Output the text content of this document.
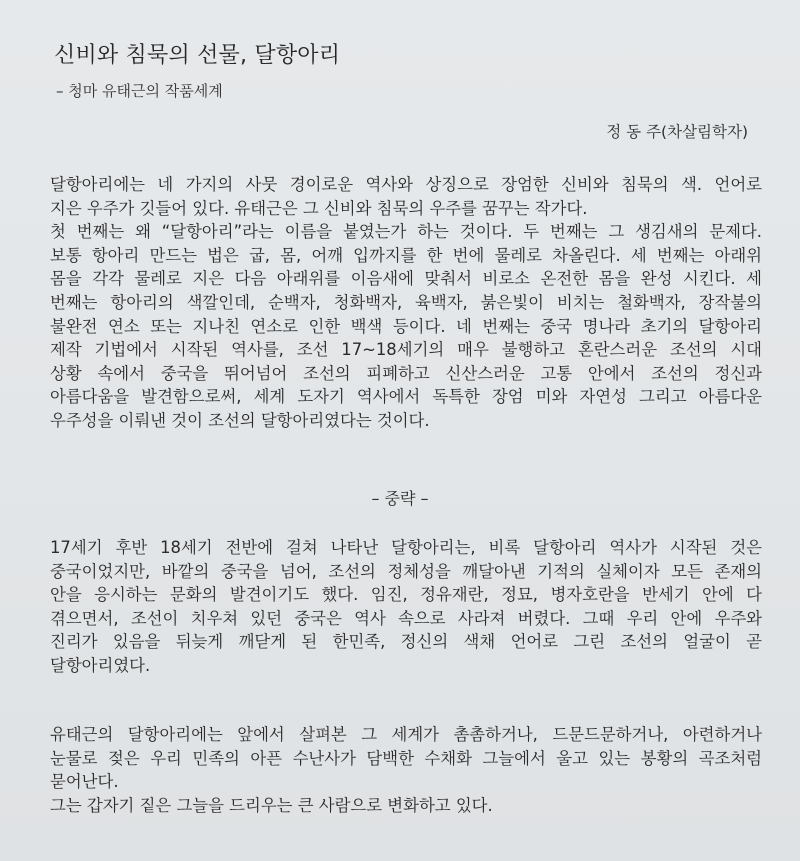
신비와 침묵의 선물, 달항아리
– 청마 유태근의 작품세계
정 동 주(차살림학자)
달항아리에는 네 가지의 사뭇 경이로운 역사와 상징으로 장엄한 신비와 침묵의 색. 언어로
지은 우주가 깃들어 있다. 유태근은 그 신비와 침묵의 우주를 꿈꾸는 작가다.
첫 번째는 왜 “달항아리”라는 이름을 붙였는가 하는 것이다. 두 번째는 그 생김새의 문제다.
보통 항아리 만드는 법은 굽, 몸, 어깨 입까지를 한 번에 물레로 차올린다. 세 번째는 아래위
몸을 각각 물레로 지은 다음 아래위를 이음새에 맞춰서 비로소 온전한 몸을 완성 시킨다. 세
번째는 항아리의 색깔인데, 순백자, 청화백자, 육백자, 붉은빛이 비치는 철화백자, 장작불의
불완전 연소 또는 지나친 연소로 인한 백색 등이다. 네 번째는 중국 명나라 초기의 달항아리
제작 기법에서 시작된 역사를, 조선 17~18세기의 매우 불행하고 혼란스러운 조선의 시대
상황 속에서 중국을 뛰어넘어 조선의 피폐하고 신산스러운 고통 안에서 조선의 정신과
아름다움을 발견함으로써, 세계 도자기 역사에서 독특한 장엄 미와 자연성 그리고 아름다운
우주성을 이뤄낸 것이 조선의 달항아리였다는 것이다.
– 중략 –
17세기 후반 18세기 전반에 걸쳐 나타난 달항아리는, 비록 달항아리 역사가 시작된 것은
중국이었지만, 바깥의 중국을 넘어, 조선의 정체성을 깨달아낸 기적의 실체이자 모든 존재의
안을 응시하는 문화의 발견이기도 했다. 임진, 정유재란, 정묘, 병자호란을 반세기 안에 다
겪으면서, 조선이 치우쳐 있던 중국은 역사 속으로 사라져 버렸다. 그때 우리 안에 우주와
진리가 있음을 뒤늦게 깨닫게 된 한민족, 정신의 색채 언어로 그린 조선의 얼굴이 곧
달항아리였다.
유태근의 달항아리에는 앞에서 살펴본 그 세계가 촘촘하거나, 드문드문하거나, 아련하거나
눈물로 젖은 우리 민족의 아픈 수난사가 담백한 수채화 그늘에서 울고 있는 봉황의 곡조처럼
묻어난다.
그는 갑자기 짙은 그늘을 드리우는 큰 사람으로 변화하고 있다.
